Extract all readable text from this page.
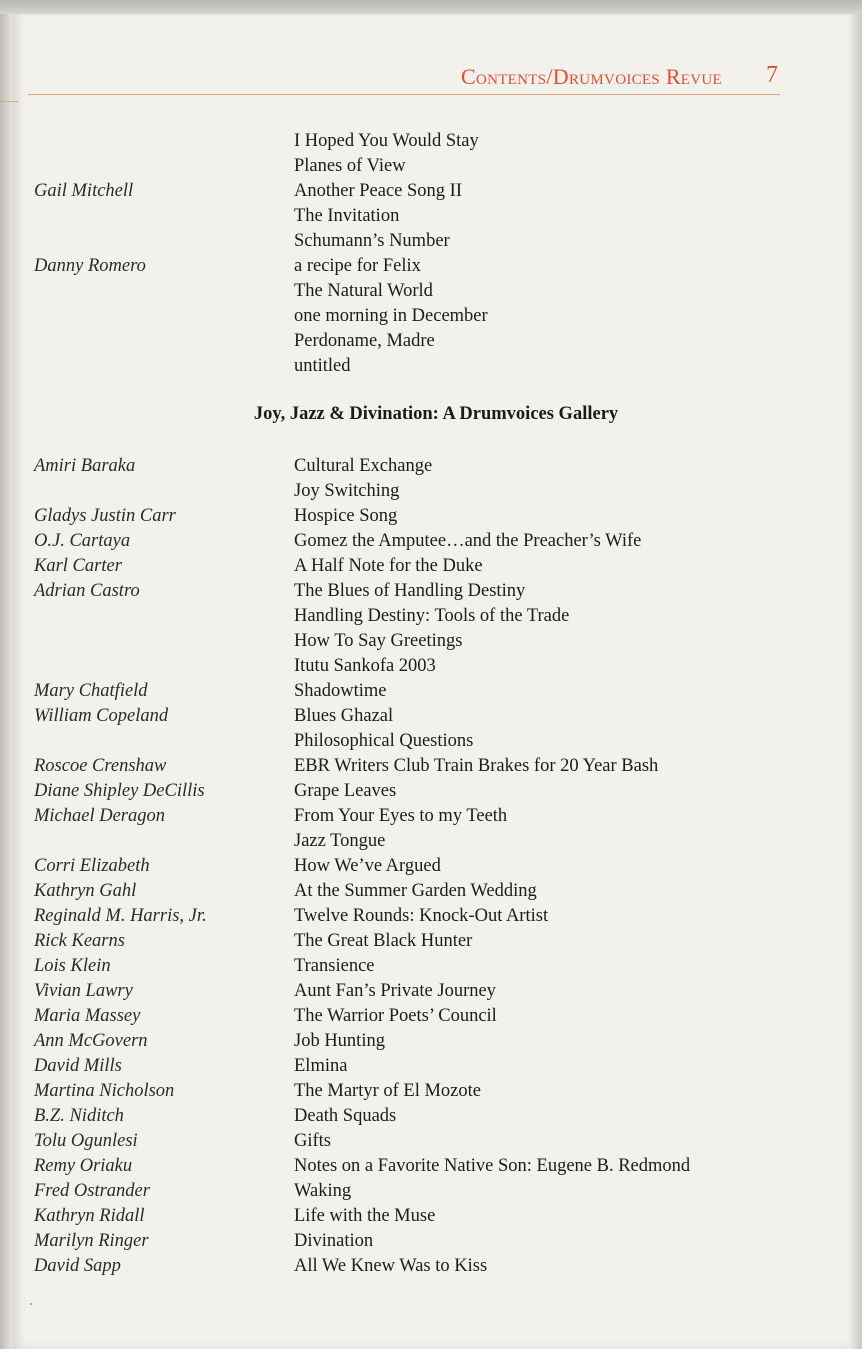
Contents/Drumvoices Revue 7
Joy, Jazz & Divination: A Drumvoices Gallery
I Hoped You Would Stay
Planes of View
Gail Mitchell	Another Peace Song II
The Invitation
Schumann’s Number
Danny Romero	a recipe for Felix
The Natural World
one morning in December
Perdoname, Madre
untitled
Amiri Baraka	Cultural Exchange
Joy Switching
Gladys Justin Carr	Hospice Song
O.J. Cartaya	Gomez the Amputee…and the Preacher’s Wife
Karl Carter	A Half Note for the Duke
Adrian Castro	The Blues of Handling Destiny
Handling Destiny: Tools of the Trade
How To Say Greetings
Itutu Sankofa 2003
Mary Chatfield	Shadowtime
William Copeland	Blues Ghazal
Philosophical Questions
Roscoe Crenshaw	EBR Writers Club Train Brakes for 20 Year Bash
Diane Shipley DeCillis	Grape Leaves
Michael Deragon	From Your Eyes to my Teeth
Jazz Tongue
Corri Elizabeth	How We’ve Argued
Kathryn Gahl	At the Summer Garden Wedding
Reginald M. Harris, Jr.	Twelve Rounds: Knock-Out Artist
Rick Kearns	The Great Black Hunter
Lois Klein	Transience
Vivian Lawry	Aunt Fan’s Private Journey
Maria Massey	The Warrior Poets’ Council
Ann McGovern	Job Hunting
David Mills	Elmina
Martina Nicholson	The Martyr of El Mozote
B.Z. Niditch	Death Squads
Tolu Ogunlesi	Gifts
Remy Oriaku	Notes on a Favorite Native Son: Eugene B. Redmond
Fred Ostrander	Waking
Kathryn Ridall	Life with the Muse
Marilyn Ringer	Divination
David Sapp	All We Knew Was to Kiss
